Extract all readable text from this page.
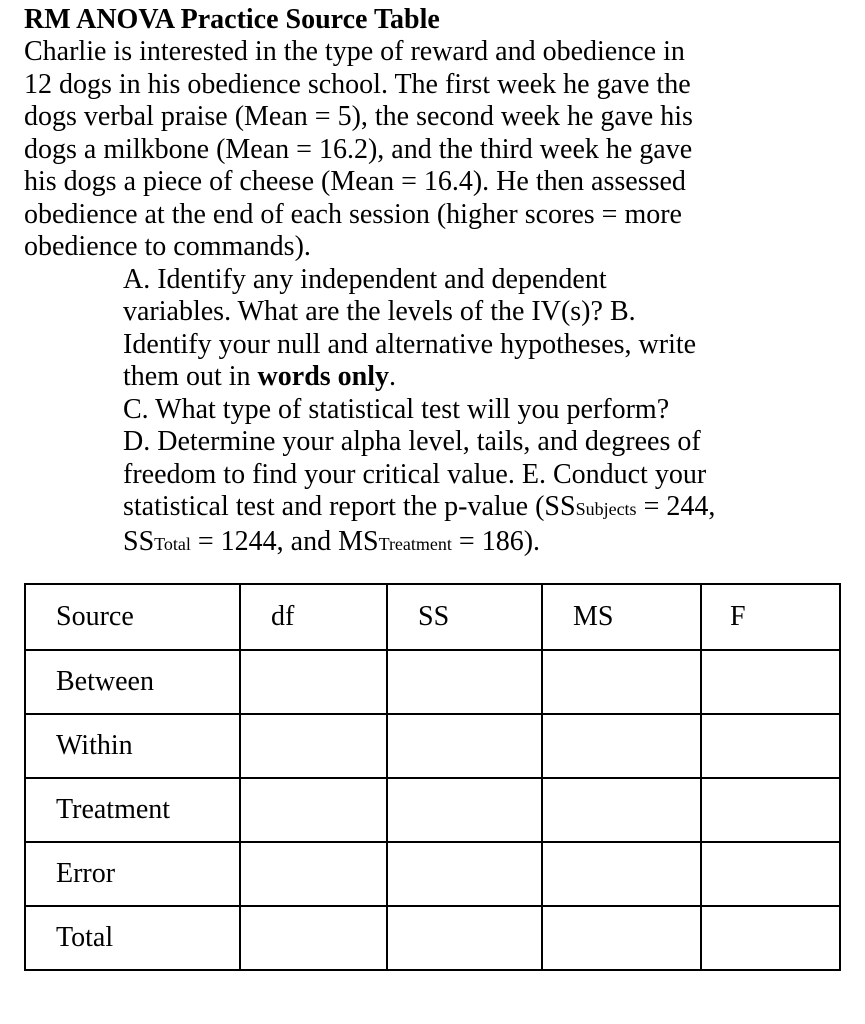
RM ANOVA Practice Source Table
Charlie is interested in the type of reward and obedience in
12 dogs in his obedience school. The first week he gave the
dogs verbal praise (Mean = 5), the second week he gave his
dogs a milkbone (Mean = 16.2), and the third week he gave
his dogs a piece of cheese (Mean = 16.4). He then assessed
obedience at the end of each session (higher scores = more
obedience to commands).
A. Identify any independent and dependent
variables. What are the levels of the IV(s)? B.
Identify your null and alternative hypotheses, write
them out in words only.
C. What type of statistical test will you perform?
D. Determine your alpha level, tails, and degrees of
freedom to find your critical value. E. Conduct your
statistical test and report the p-value (SSSubjects = 244,
SSTotal = 1244, and MSTreatment = 186).
Source	df	SS	MS	F
Between				
Within				
Treatment				
Error				
Total				
